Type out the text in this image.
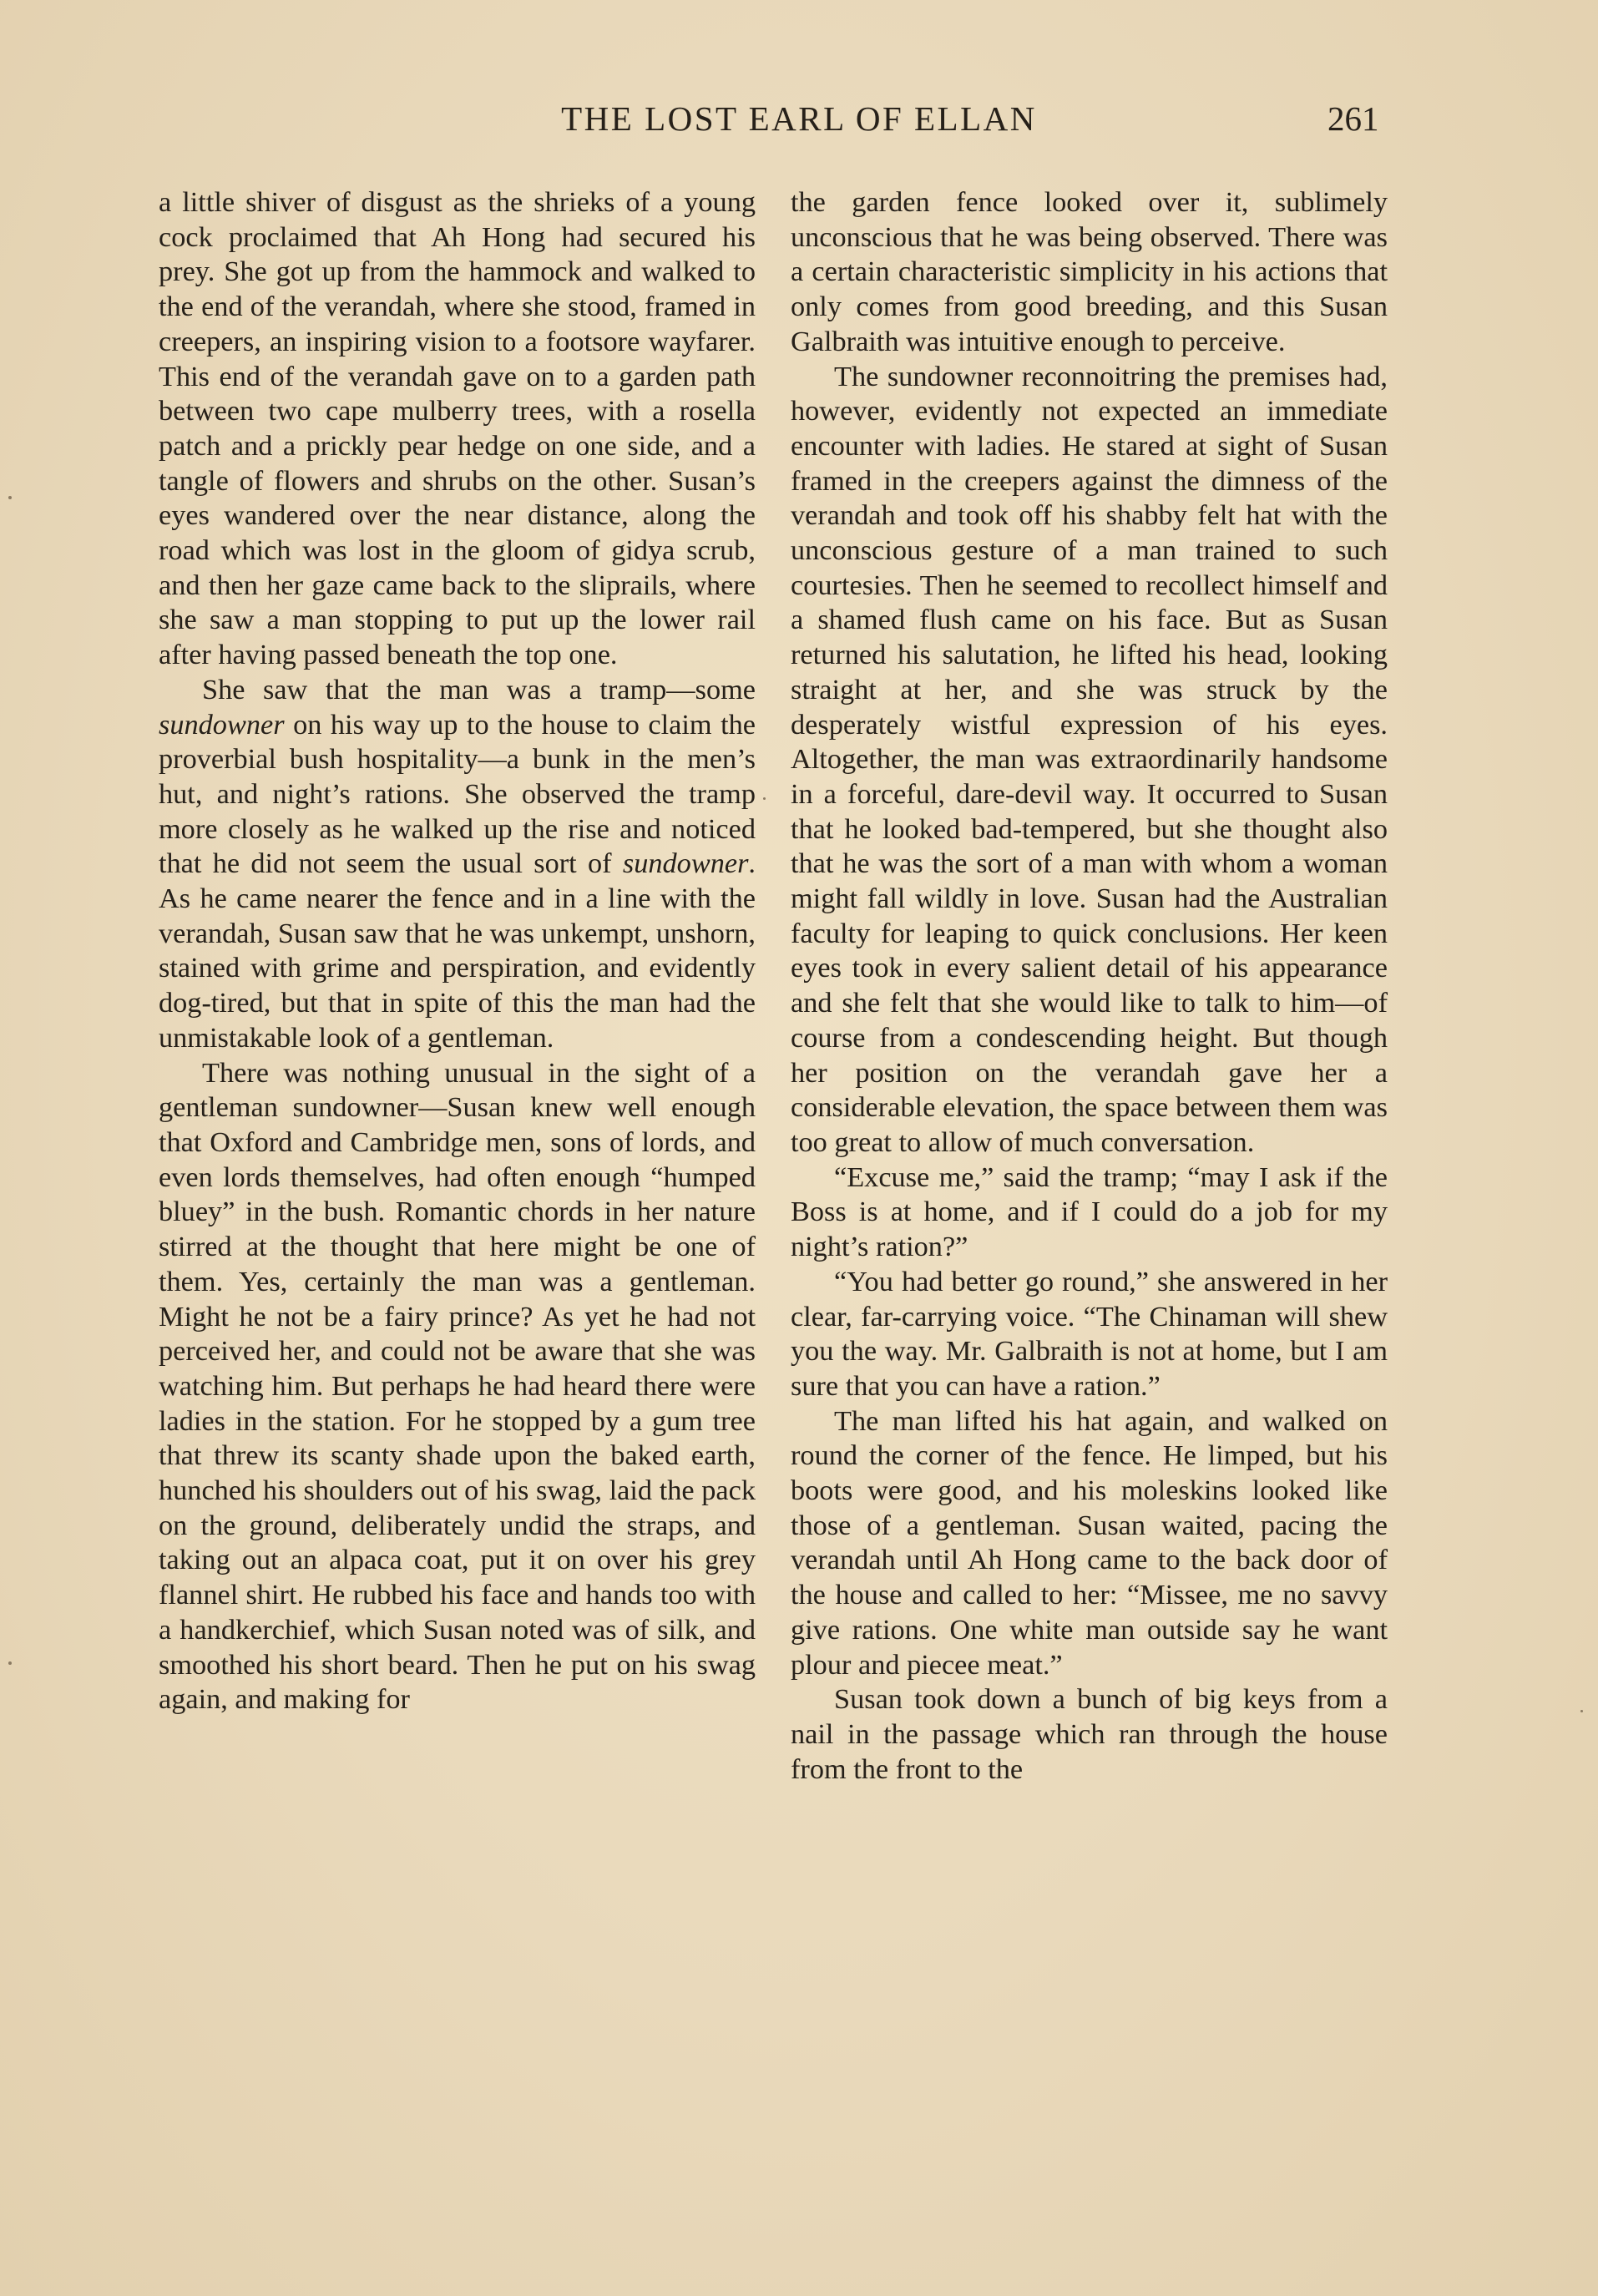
THE LOST EARL OF ELLAN	261

a little shiver of disgust as the shrieks of a young cock proclaimed that Ah Hong had secured his prey. She got up from the hammock and walked to the end of the verandah, where she stood, framed in creepers, an inspiring vision to a footsore wayfarer. This end of the verandah gave on to a garden path between two cape mulberry trees, with a rosella patch and a prickly pear hedge on one side, and a tangle of flowers and shrubs on the other. Susan’s eyes wandered over the near distance, along the road which was lost in the gloom of gidya scrub, and then her gaze came back to the sliprails, where she saw a man stopping to put up the lower rail after having passed beneath the top one.

She saw that the man was a tramp—some sundowner on his way up to the house to claim the proverbial bush hospitality—a bunk in the men’s hut, and night’s rations. She observed the tramp more closely as he walked up the rise and noticed that he did not seem the usual sort of sundowner. As he came nearer the fence and in a line with the verandah, Susan saw that he was unkempt, unshorn, stained with grime and perspiration, and evidently dog-tired, but that in spite of this the man had the unmistakable look of a gentleman.

There was nothing unusual in the sight of a gentleman sundowner—Susan knew well enough that Oxford and Cambridge men, sons of lords, and even lords themselves, had often enough “humped bluey” in the bush. Romantic chords in her nature stirred at the thought that here might be one of them. Yes, certainly the man was a gentleman. Might he not be a fairy prince? As yet he had not perceived her, and could not be aware that she was watching him. But perhaps he had heard there were ladies in the station. For he stopped by a gum tree that threw its scanty shade upon the baked earth, hunched his shoulders out of his swag, laid the pack on the ground, deliberately undid the straps, and taking out an alpaca coat, put it on over his grey flannel shirt. He rubbed his face and hands too with a handkerchief, which Susan noted was of silk, and smoothed his short beard. Then he put on his swag again, and making for

the garden fence looked over it, sublimely unconscious that he was being observed. There was a certain characteristic simplicity in his actions that only comes from good breeding, and this Susan Galbraith was intuitive enough to perceive.

The sundowner reconnoitring the premises had, however, evidently not expected an immediate encounter with ladies. He stared at sight of Susan framed in the creepers against the dimness of the verandah and took off his shabby felt hat with the unconscious gesture of a man trained to such courtesies. Then he seemed to recollect himself and a shamed flush came on his face. But as Susan returned his salutation, he lifted his head, looking straight at her, and she was struck by the desperately wistful expression of his eyes. Altogether, the man was extraordinarily handsome in a forceful, dare-devil way. It occurred to Susan that he looked bad-tempered, but she thought also that he was the sort of a man with whom a woman might fall wildly in love. Susan had the Australian faculty for leaping to quick conclusions. Her keen eyes took in every salient detail of his appearance and she felt that she would like to talk to him—of course from a condescending height. But though her position on the verandah gave her a considerable elevation, the space between them was too great to allow of much conversation.

“Excuse me,” said the tramp; “may I ask if the Boss is at home, and if I could do a job for my night’s ration?”

“You had better go round,” she answered in her clear, far-carrying voice. “The Chinaman will shew you the way. Mr. Galbraith is not at home, but I am sure that you can have a ration.”

The man lifted his hat again, and walked on round the corner of the fence. He limped, but his boots were good, and his moleskins looked like those of a gentleman. Susan waited, pacing the verandah until Ah Hong came to the back door of the house and called to her: “Missee, me no savvy give rations. One white man outside say he want plour and piecee meat.”

Susan took down a bunch of big keys from a nail in the passage which ran through the house from the front to the
